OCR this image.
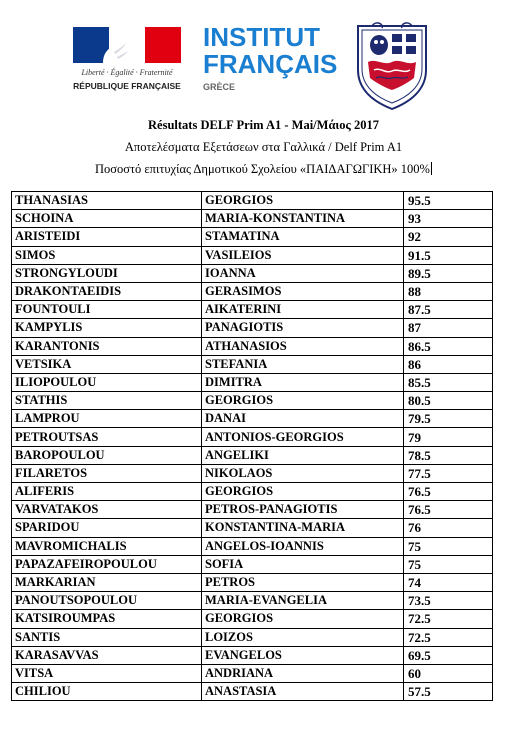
Liberté · Égalité · Fraternité
RÉPUBLIQUE FRANÇAISE
INSTITUT
FRANÇAIS
GRÈCE
Résultats DELF Prim A1 - Mai/Μάιος 2017
Αποτελέσματα Εξετάσεων στα Γαλλικά / Delf Prim A1
Ποσοστό επιτυχίας Δημοτικού Σχολείου «ΠΑΙΔΑΓΩΓΙΚΗ» 100%
THANASIAS	GEORGIOS	95.5
SCHOINA	MARIA-KONSTANTINA	93
ARISTEIDI	STAMATINA	92
SIMOS	VASILEIOS	91.5
STRONGYLOUDI	IOANNA	89.5
DRAKONTAEIDIS	GERASIMOS	88
FOUNTOULI	AIKATERINI	87.5
KAMPYLIS	PANAGIOTIS	87
KARANTONIS	ATHANASIOS	86.5
VETSIKA	STEFANIA	86
ILIOPOULOU	DIMITRA	85.5
STATHIS	GEORGIOS	80.5
LAMPROU	DANAI	79.5
PETROUTSAS	ANTONIOS-GEORGIOS	79
BAROPOULOU	ANGELIKI	78.5
FILARETOS	NIKOLAOS	77.5
ALIFERIS	GEORGIOS	76.5
VARVATAKOS	PETROS-PANAGIOTIS	76.5
SPARIDOU	KONSTANTINA-MARIA	76
MAVROMICHALIS	ANGELOS-IOANNIS	75
PAPAZAFEIROPOULOU	SOFIA	75
MARKARIAN	PETROS	74
PANOUTSOPOULOU	MARIA-EVANGELIA	73.5
KATSIROUMPAS	GEORGIOS	72.5
SANTIS	LOIZOS	72.5
KARASAVVAS	EVANGELOS	69.5
VITSA	ANDRIANA	60
CHILIOU	ANASTASIA	57.5
